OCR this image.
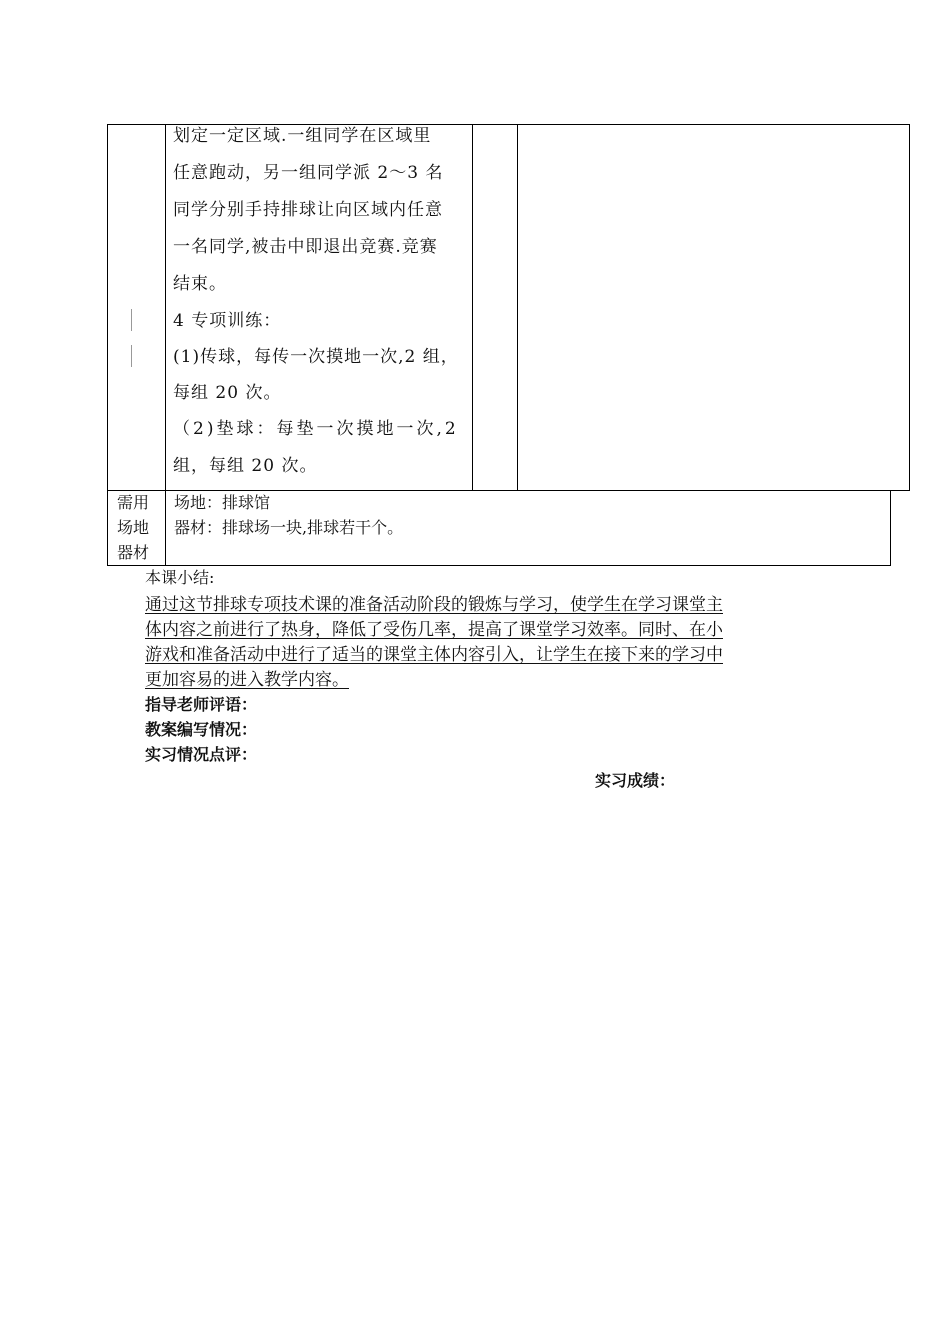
划定一定区域.一组同学在区域里
任意跑动，另一组同学派 2～3 名
同学分别手持排球让向区域内任意
一名同学,被击中即退出竞赛.竞赛
结束。
4 专项训练：
(1)传球，每传一次摸地一次,2 组，
每组 20 次。
（2)垫球：每垫一次摸地一次,2
组，每组 20 次。
需用
场地
器材
场地：排球馆
器材：排球场一块,排球若干个。
本课小结:
通过这节排球专项技术课的准备活动阶段的锻炼与学习，使学生在学习课堂主
体内容之前进行了热身，降低了受伤几率，提高了课堂学习效率。同时、在小
游戏和准备活动中进行了适当的课堂主体内容引入，让学生在接下来的学习中
更加容易的进入教学内容。
指导老师评语：
教案编写情况：
实习情况点评：
实习成绩：
